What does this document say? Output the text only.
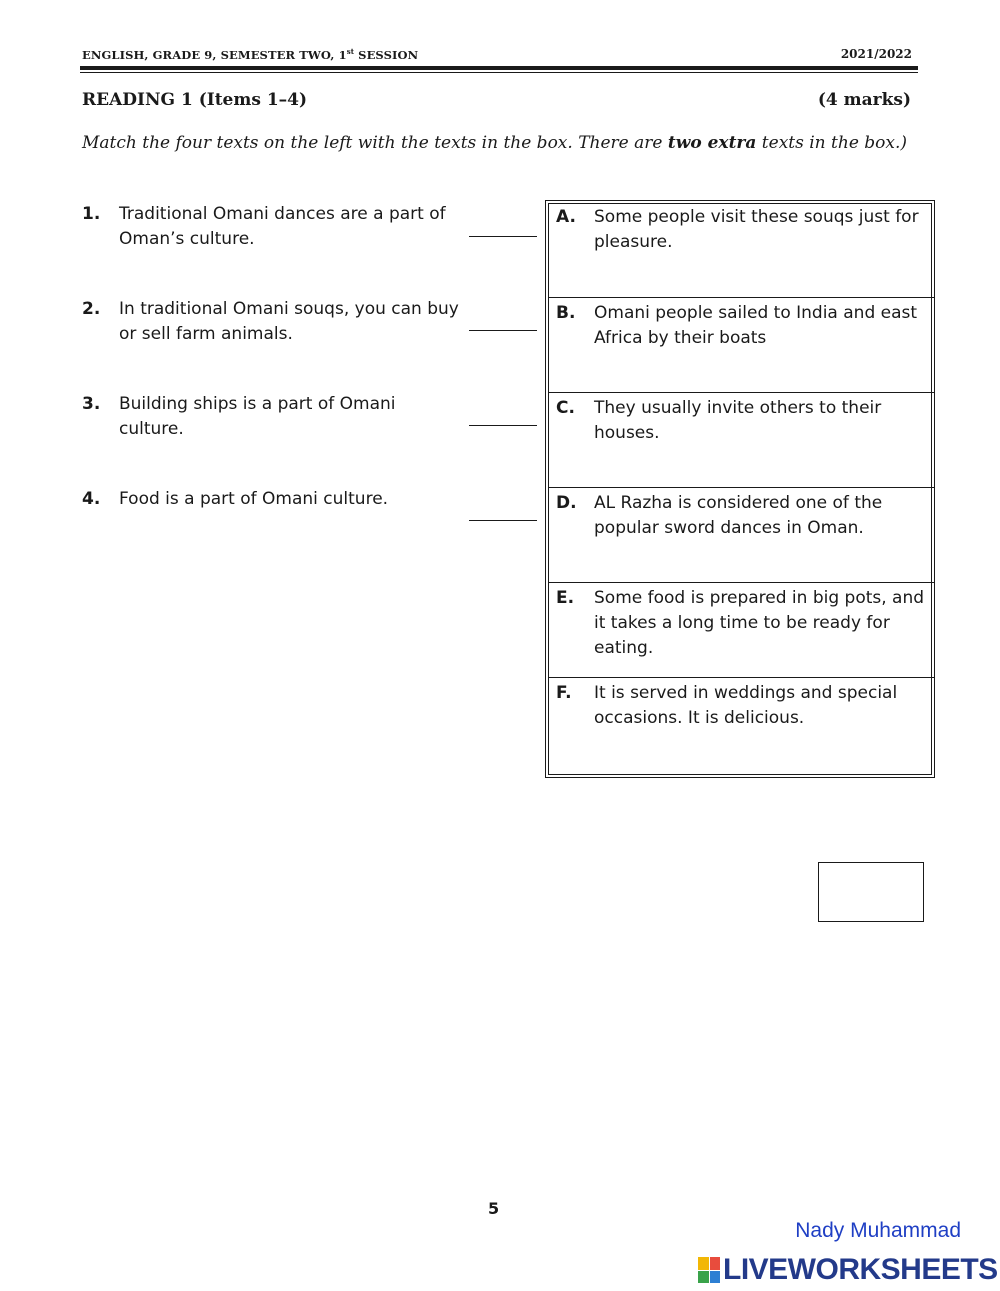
ENGLISH, GRADE 9, SEMESTER TWO, 1st SESSION	2021/2022
READING 1 (Items 1–4)	(4 marks)
Match the four texts on the left with the texts in the box. There are two extra texts in the box.)
1. Traditional Omani dances are a part of Oman’s culture.
2. In traditional Omani souqs, you can buy or sell farm animals.
3. Building ships is a part of Omani culture.
4. Food is a part of Omani culture.
A. Some people visit these souqs just for pleasure.
B. Omani people sailed to India and east Africa by their boats
C. They usually invite others to their houses.
D. AL Razha is considered one of the popular sword dances in Oman.
E. Some food is prepared in big pots, and it takes a long time to be ready for eating.
F. It is served in weddings and special occasions. It is delicious.
5
Nady Muhammad
LIVEWORKSHEETS
